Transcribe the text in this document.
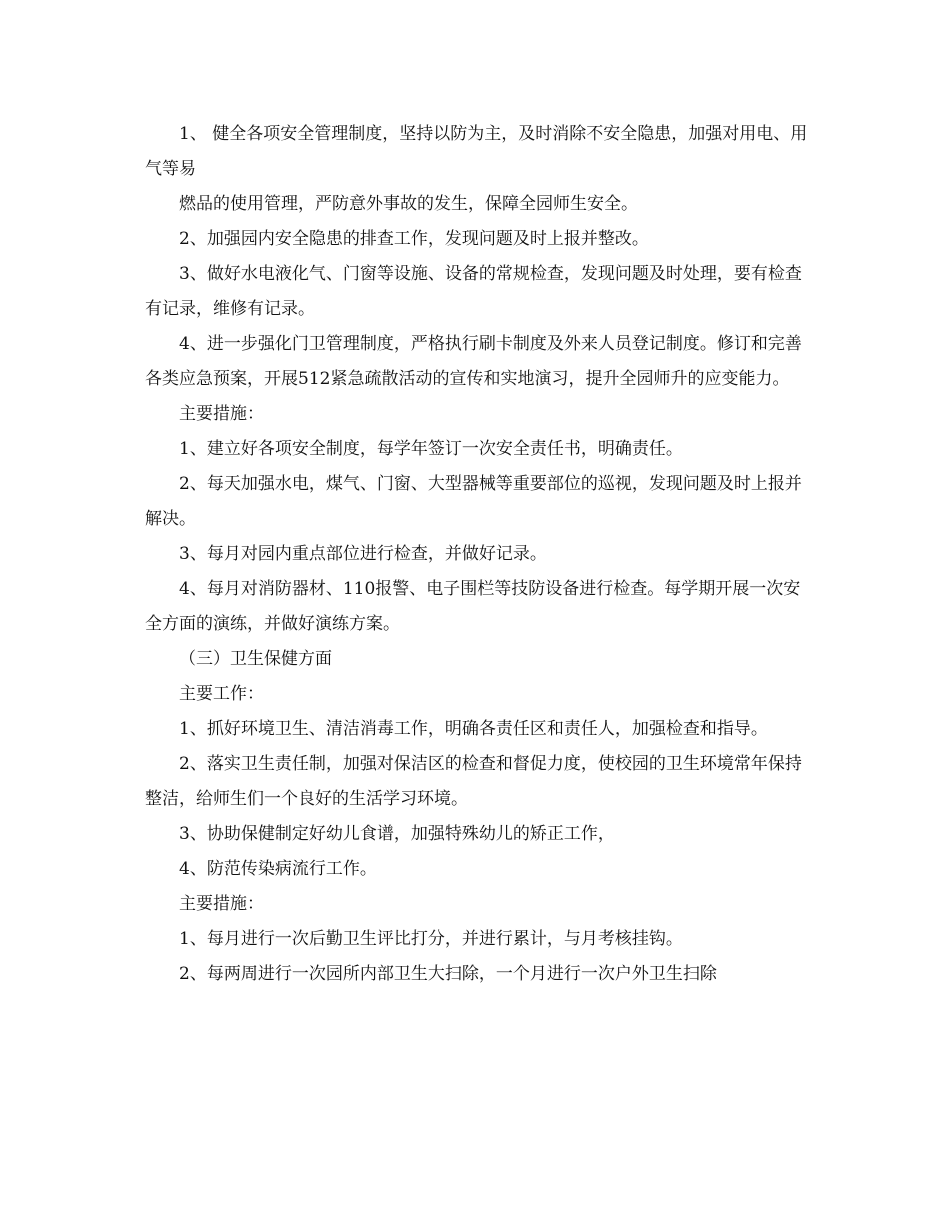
1、 健全各项安全管理制度，坚持以防为主，及时消除不安全隐患，加强对用电、用气等易

燃品的使用管理，严防意外事故的发生，保障全园师生安全。

2、加强园内安全隐患的排查工作，发现问题及时上报并整改。

3、做好水电液化气、门窗等设施、设备的常规检查，发现问题及时处理，要有检查有记录，维修有记录。

4、进一步强化门卫管理制度，严格执行刷卡制度及外来人员登记制度。修订和完善各类应急预案，开展512紧急疏散活动的宣传和实地演习，提升全园师升的应变能力。

主要措施：

1、建立好各项安全制度，每学年签订一次安全责任书，明确责任。

2、每天加强水电，煤气、门窗、大型器械等重要部位的巡视，发现问题及时上报并解决。

3、每月对园内重点部位进行检查，并做好记录。

4、每月对消防器材、110报警、电子围栏等技防设备进行检查。每学期开展一次安全方面的演练，并做好演练方案。

（三）卫生保健方面

主要工作：

1、抓好环境卫生、清洁消毒工作，明确各责任区和责任人，加强检查和指导。

2、落实卫生责任制，加强对保洁区的检查和督促力度，使校园的卫生环境常年保持整洁，给师生们一个良好的生活学习环境。

3、协助保健制定好幼儿食谱，加强特殊幼儿的矫正工作，

4、防范传染病流行工作。

主要措施：

1、每月进行一次后勤卫生评比打分，并进行累计，与月考核挂钩。

2、每两周进行一次园所内部卫生大扫除，一个月进行一次户外卫生扫除
